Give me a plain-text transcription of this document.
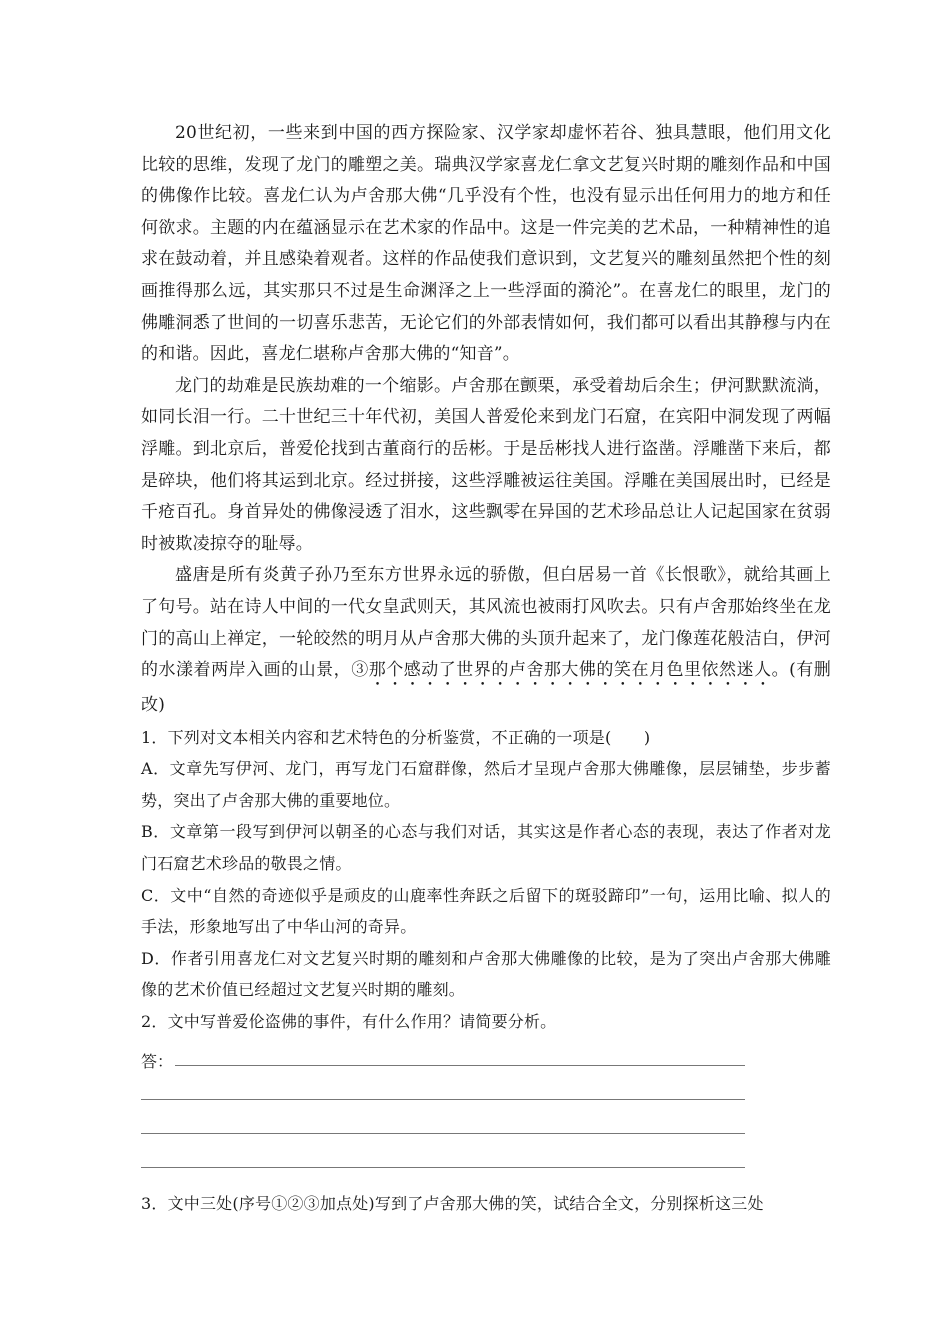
20世纪初，一些来到中国的西方探险家、汉学家却虚怀若谷、独具慧眼，他们用文化比较的思维，发现了龙门的雕塑之美。瑞典汉学家喜龙仁拿文艺复兴时期的雕刻作品和中国的佛像作比较。喜龙仁认为卢舍那大佛“几乎没有个性，也没有显示出任何用力的地方和任何欲求。主题的内在蕴涵显示在艺术家的作品中。这是一件完美的艺术品，一种精神性的追求在鼓动着，并且感染着观者。这样的作品使我们意识到，文艺复兴的雕刻虽然把个性的刻画推得那么远，其实那只不过是生命渊泽之上一些浮面的漪沦”。在喜龙仁的眼里，龙门的佛雕洞悉了世间的一切喜乐悲苦，无论它们的外部表情如何，我们都可以看出其静穆与内在的和谐。因此，喜龙仁堪称卢舍那大佛的“知音”。

龙门的劫难是民族劫难的一个缩影。卢舍那在颤栗，承受着劫后余生；伊河默默流淌，如同长泪一行。二十世纪三十年代初，美国人普爱伦来到龙门石窟，在宾阳中洞发现了两幅浮雕。到北京后，普爱伦找到古董商行的岳彬。于是岳彬找人进行盗凿。浮雕凿下来后，都是碎块，他们将其运到北京。经过拼接，这些浮雕被运往美国。浮雕在美国展出时，已经是千疮百孔。身首异处的佛像浸透了泪水，这些飘零在异国的艺术珍品总让人记起国家在贫弱时被欺凌掠夺的耻辱。

盛唐是所有炎黄子孙乃至东方世界永远的骄傲，但白居易一首《长恨歌》，就给其画上了句号。站在诗人中间的一代女皇武则天，其风流也被雨打风吹去。只有卢舍那始终坐在龙门的高山上禅定，一轮皎然的明月从卢舍那大佛的头顶升起来了，龙门像莲花般洁白，伊河的水漾着两岸入画的山景，③那个感动了世界的卢舍那大佛的笑在月色里依然迷人。(有删改)

1．下列对文本相关内容和艺术特色的分析鉴赏，不正确的一项是(　　)

A．文章先写伊河、龙门，再写龙门石窟群像，然后才呈现卢舍那大佛雕像，层层铺垫，步步蓄势，突出了卢舍那大佛的重要地位。

B．文章第一段写到伊河以朝圣的心态与我们对话，其实这是作者心态的表现，表达了作者对龙门石窟艺术珍品的敬畏之情。

C．文中“自然的奇迹似乎是顽皮的山鹿率性奔跃之后留下的斑驳蹄印”一句，运用比喻、拟人的手法，形象地写出了中华山河的奇异。

D．作者引用喜龙仁对文艺复兴时期的雕刻和卢舍那大佛雕像的比较，是为了突出卢舍那大佛雕像的艺术价值已经超过文艺复兴时期的雕刻。

2．文中写普爱伦盗佛的事件，有什么作用？请简要分析。

答：

3．文中三处(序号①②③加点处)写到了卢舍那大佛的笑，试结合全文，分别探析这三处
